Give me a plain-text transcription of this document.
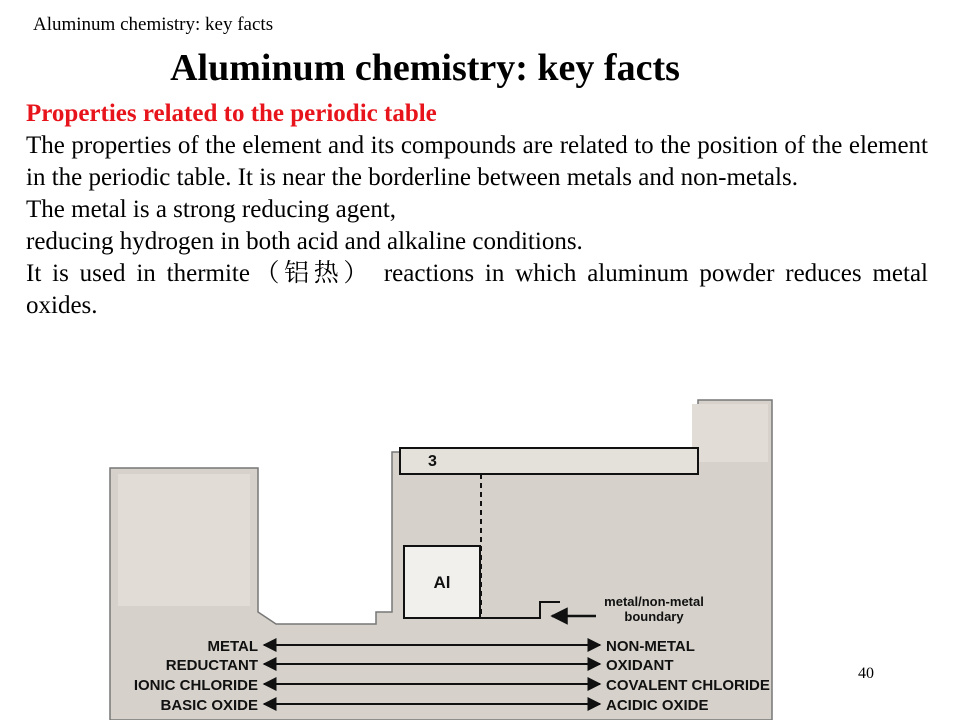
Aluminum chemistry: key facts
Aluminum chemistry: key facts

Properties related to the periodic table

The properties of the element and its compounds are related to the position of the element in the periodic table. It is near the borderline between metals and non-metals.

The metal is a strong reducing agent,

reducing hydrogen in both acid and alkaline conditions.

It is used in thermite（铝热） reactions in which aluminum powder reduces metal oxides.

3
Al
metal/non-metal
boundary
METAL	NON-METAL
REDUCTANT	OXIDANT
IONIC CHLORIDE	COVALENT CHLORIDE
BASIC OXIDE	ACIDIC OXIDE
40
